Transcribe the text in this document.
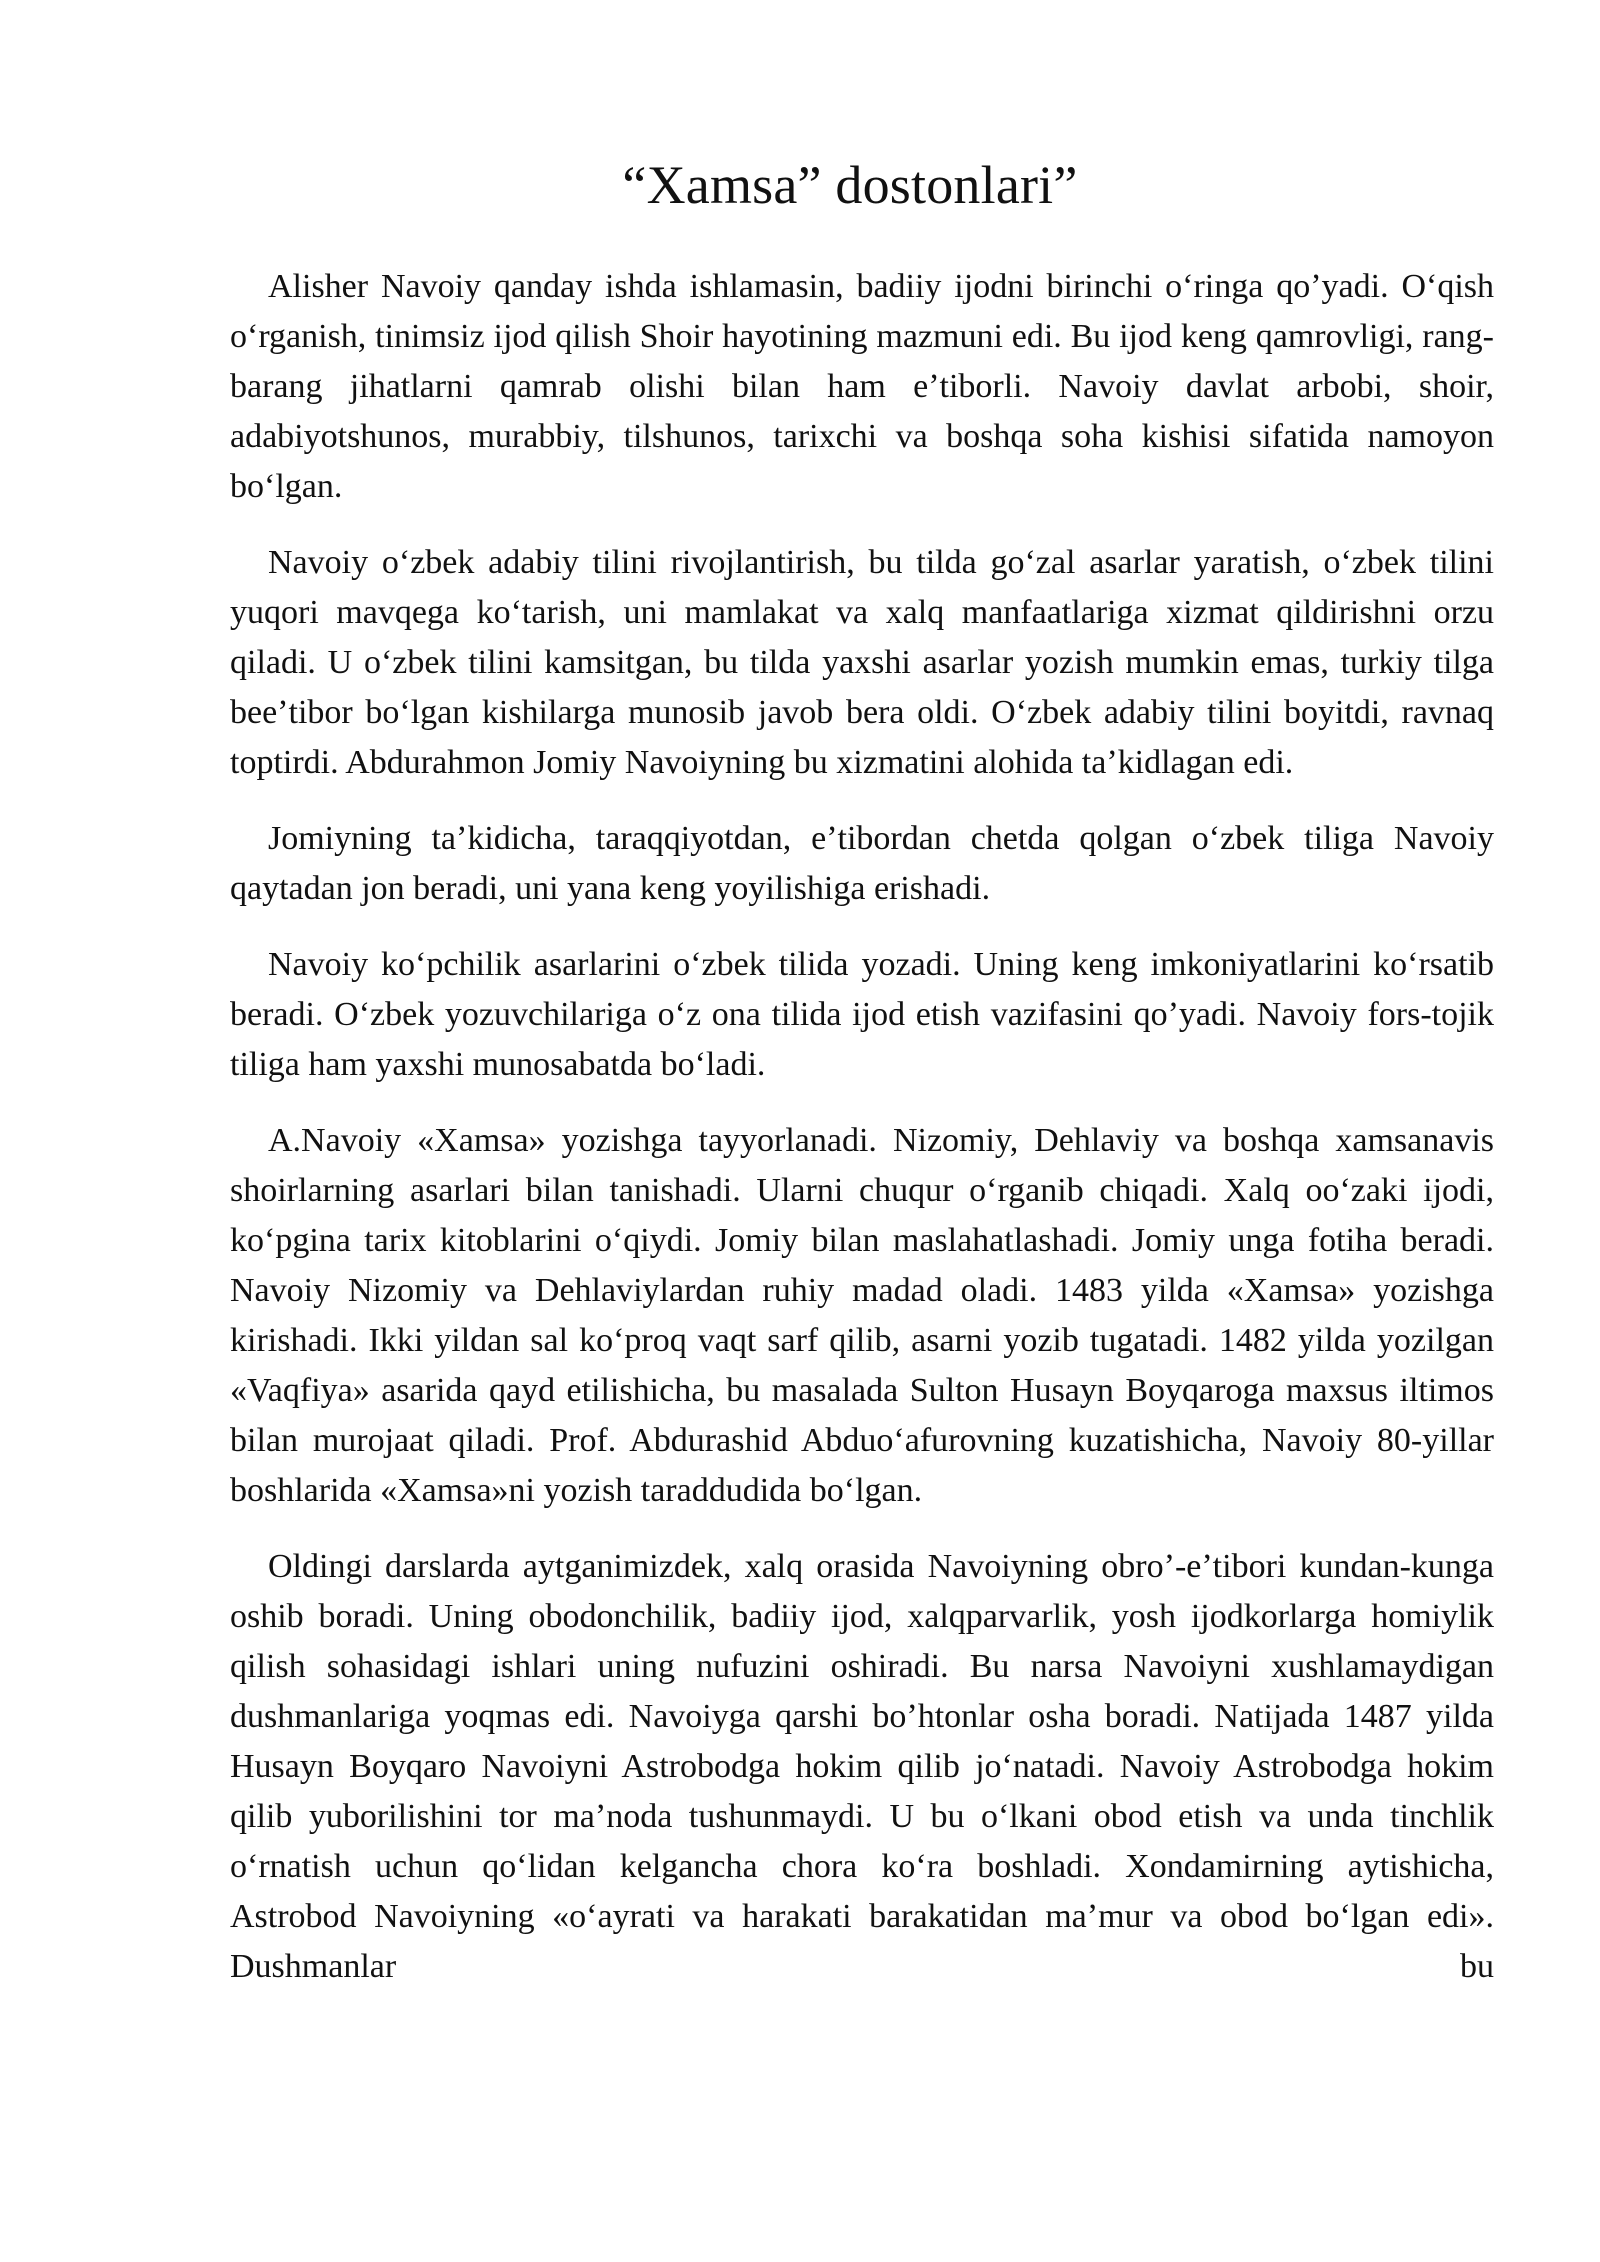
“Xamsa” dostonlari”

Alisher Navoiy qanday ishda ishlamasin, badiiy ijodni birinchi oʻringa qoʼyadi. Oʻqish oʻrganish, tinimsiz ijod qilish Shoir hayotining mazmuni edi. Bu ijod keng qamrovligi, rang-barang jihatlarni qamrab olishi bilan ham eʼtiborli. Navoiy davlat arbobi, shoir, adabiyotshunos, murabbiy, tilshunos, tarixchi va boshqa soha kishisi sifatida namoyon boʻlgan.

Navoiy oʻzbek adabiy tilini rivojlantirish, bu tilda goʻzal asarlar yaratish, oʻzbek tilini yuqori mavqega koʻtarish, uni mamlakat va xalq manfaatlariga xizmat qildirishni orzu qiladi. U oʻzbek tilini kamsitgan, bu tilda yaxshi asarlar yozish mumkin emas, turkiy tilga beeʼtibor boʻlgan kishilarga munosib javob bera oldi. Oʻzbek adabiy tilini boyitdi, ravnaq toptirdi. Abdurahmon Jomiy Navoiyning bu xizmatini alohida taʼkidlagan edi.

Jomiyning taʼkidicha, taraqqiyotdan, eʼtibordan chetda qolgan oʻzbek tiliga Navoiy qaytadan jon beradi, uni yana keng yoyilishiga erishadi.

Navoiy koʻpchilik asarlarini oʻzbek tilida yozadi. Uning keng imkoniyatlarini koʻrsatib beradi. Oʻzbek yozuvchilariga oʻz ona tilida ijod etish vazifasini qoʼyadi. Navoiy fors-tojik tiliga ham yaxshi munosabatda boʻladi.

A.Navoiy «Xamsa» yozishga tayyorlanadi. Nizomiy, Dehlaviy va boshqa xamsanavis shoirlarning asarlari bilan tanishadi. Ularni chuqur oʻrganib chiqadi. Xalq ooʻzaki ijodi, koʻpgina tarix kitoblarini oʻqiydi. Jomiy bilan maslahatlashadi. Jomiy unga fotiha beradi. Navoiy Nizomiy va Dehlaviylardan ruhiy madad oladi. 1483 yilda «Xamsa» yozishga kirishadi. Ikki yildan sal koʻproq vaqt sarf qilib, asarni yozib tugatadi. 1482 yilda yozilgan «Vaqfiya» asarida qayd etilishicha, bu masalada Sulton Husayn Boyqaroga maxsus iltimos bilan murojaat qiladi. Prof. Abdurashid Abduoʻafurovning kuzatishicha, Navoiy 80-yillar boshlarida «Xamsa»ni yozish taraddudida boʻlgan.

Oldingi darslarda aytganimizdek, xalq orasida Navoiyning obroʼ-eʼtibori kundan-kunga oshib boradi. Uning obodonchilik, badiiy ijod, xalqparvarlik, yosh ijodkorlarga homiylik qilish sohasidagi ishlari uning nufuzini oshiradi. Bu narsa Navoiyni xushlamaydigan dushmanlariga yoqmas edi. Navoiyga qarshi boʼhtonlar osha boradi. Natijada 1487 yilda Husayn Boyqaro Navoiyni Astrobodga hokim qilib joʻnatadi. Navoiy Astrobodga hokim qilib yuborilishini tor maʼnoda tushunmaydi. U bu oʻlkani obod etish va unda tinchlik oʻrnatish uchun qoʻlidan kelgancha chora koʻra boshladi. Xondamirning aytishicha, Astrobod Navoiyning «oʻayrati va harakati barakatidan maʼmur va obod boʻlgan edi». Dushmanlar bu
